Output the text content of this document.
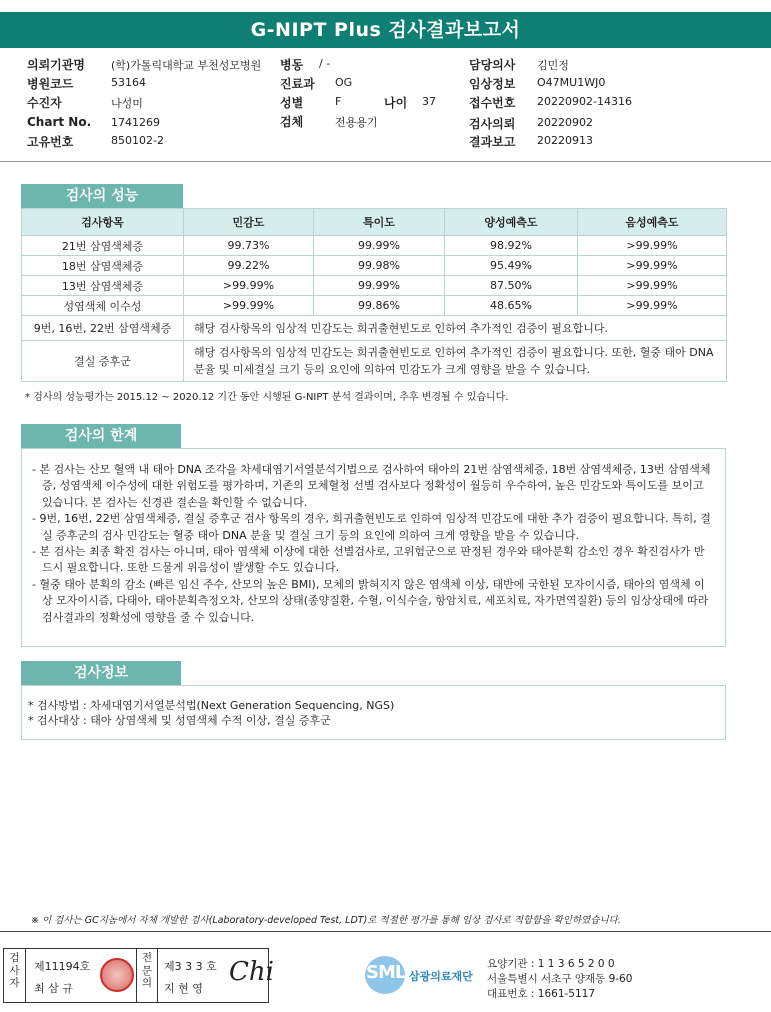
G-NIPT Plus 검사결과보고서
의뢰기관명 (학)가톨릭대학교 부천성모병원 병동 / -	담당의사 김민정
병원코드	53164	진료과 OG	임상정보 O47MU1WJ0
수진자	나성미	성별	F	나이 37	접수번호 20220902-14316
Chart No. 1741269	검체	전용용기	검사의뢰 20220902
고유번호	850102-2	결과보고 20220913
검사의 성능
검사항목	민감도	특이도	양성예측도	음성예측도
21번 삼염색체증	99.73%	99.99%	98.92%	>99.99%
18번 삼염색체증	99.22%	99.98%	95.49%	>99.99%
13번 삼염색체증	>99.99%	99.99%	87.50%	>99.99%
성염색체 이수성	>99.99%	99.86%	48.65%	>99.99%
9번, 16번, 22번 삼염색체증	해당 검사항목의 임상적 민감도는 희귀출현빈도로 인하여 추가적인 검증이 필요합니다.			
결실 증후군	해당 검사항목의 임상적 민감도는 희귀출현빈도로 인하여 추가적인 검증이 필요합니다. 또한, 혈중 태아 DNA 분율 및 미세결실 크기 등의 요인에 의하여 민감도가 크게 영향을 받을 수 있습니다.			
* 검사의 성능평가는 2015.12 ~ 2020.12 기간 동안 시행된 G-NIPT 분석 결과이며, 추후 변경될 수 있습니다.
검사의 한계

- 본 검사는 산모 혈액 내 태아 DNA 조각을 차세대염기서열분석기법으로 검사하여 태아의 21번 삼염색체증, 18번 삼염색체증, 13번 삼염색체증, 성염색체 이수성에 대한 위험도를 평가하며, 기존의 모체혈청 선별 검사보다 정확성이 월등히 우수하여, 높은 민감도와 특이도를 보이고 있습니다. 본 검사는 신경관 결손을 확인할 수 없습니다.

- 9번, 16번, 22번 삼염색체증, 결실 증후군 검사 항목의 경우, 희귀출현빈도로 인하여 임상적 민감도에 대한 추가 검증이 필요합니다. 특히, 결실 증후군의 검사 민감도는 혈중 태아 DNA 분율 및 결실 크기 등의 요인에 의하여 크게 영향을 받을 수 있습니다.

- 본 검사는 최종 확진 검사는 아니며, 태아 염색체 이상에 대한 선별검사로, 고위험군으로 판정된 경우와 태아분획 감소인 경우 확진검사가 반드시 필요합니다. 또한 드물게 위음성이 발생할 수도 있습니다.

- 혈중 태아 분획의 감소 (빠른 임신 주수, 산모의 높은 BMI), 모체의 밝혀지지 않은 염색체 이상, 태반에 국한된 모자이시즘, 태아의 염색체 이상 모자이시즘, 다태아, 태아분획측정오차, 산모의 상태(종양질환, 수혈, 이식수술, 항암치료, 세포치료, 자가면역질환) 등의 임상상태에 따라 검사결과의 정확성에 영향을 줄 수 있습니다.

검사정보

* 검사방법 : 차세대염기서열분석법(Next Generation Sequencing, NGS)

* 검사대상 : 태아 상염색체 및 성염색체 수적 이상, 결실 증후군

※ 이 검사는 GC지놈에서 자체 개발한 검사(Laboratory-developed Test, LDT)로 적절한 평가를 통해 임상 검사로 적합함을 확인하였습니다.
검사자
제11194호
최 삼 규
전문의
제3 3 3 호
지 현 영
Chi	SML 삼광의료재단
요양기관 : 1 1 3 6 5 2 0 0
서울특별시 서초구 양재동 9-60
대표번호 : 1661-5117
